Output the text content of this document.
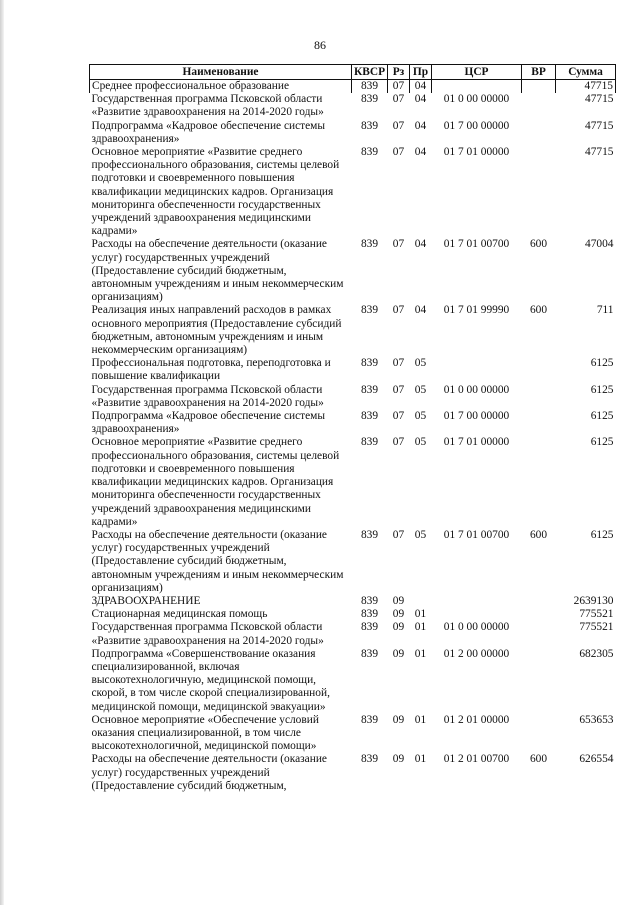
86
Наименование	КВСР	Рз	Пр	ЦСР	ВР	Сумма
Среднее профессиональное образование	839	07	04			47715
Государственная программа Псковской области «Развитие здравоохранения на 2014-2020 годы»	839	07	04	01 0 00 00000		47715
Подпрограмма «Кадровое обеспечение системы здравоохранения»	839	07	04	01 7 00 00000		47715
Основное мероприятие «Развитие среднего профессионального образования, системы целевой подготовки и своевременного повышения квалификации медицинских кадров. Организация мониторинга обеспеченности государственных учреждений здравоохранения медицинскими кадрами»	839	07	04	01 7 01 00000		47715
Расходы на обеспечение деятельности (оказание услуг) государственных учреждений (Предоставление субсидий бюджетным, автономным учреждениям и иным некоммерческим организациям)	839	07	04	01 7 01 00700	600	47004
Реализация иных направлений расходов в рамках основного мероприятия (Предоставление субсидий бюджетным, автономным учреждениям и иным некоммерческим организациям)	839	07	04	01 7 01 99990	600	711
Профессиональная подготовка, переподготовка и повышение квалификации	839	07	05			6125
Государственная программа Псковской области «Развитие здравоохранения на 2014-2020 годы»	839	07	05	01 0 00 00000		6125
Подпрограмма «Кадровое обеспечение системы здравоохранения»	839	07	05	01 7 00 00000		6125
Основное мероприятие «Развитие среднего профессионального образования, системы целевой подготовки и своевременного повышения квалификации медицинских кадров. Организация мониторинга обеспеченности государственных учреждений здравоохранения медицинскими кадрами»	839	07	05	01 7 01 00000		6125
Расходы на обеспечение деятельности (оказание услуг) государственных учреждений (Предоставление субсидий бюджетным, автономным учреждениям и иным некоммерческим организациям)	839	07	05	01 7 01 00700	600	6125
ЗДРАВООХРАНЕНИЕ	839	09				2639130
Стационарная медицинская помощь	839	09	01			775521
Государственная программа Псковской области «Развитие здравоохранения на 2014-2020 годы»	839	09	01	01 0 00 00000		775521
Подпрограмма «Совершенствование оказания специализированной, включая высокотехнологичную, медицинской помощи, скорой, в том числе скорой специализированной, медицинской помощи, медицинской эвакуации»	839	09	01	01 2 00 00000		682305
Основное мероприятие «Обеспечение условий оказания специализированной, в том числе высокотехнологичной, медицинской помощи»	839	09	01	01 2 01 00000		653653
Расходы на обеспечение деятельности (оказание услуг) государственных учреждений (Предоставление субсидий бюджетным,	839	09	01	01 2 01 00700	600	626554
